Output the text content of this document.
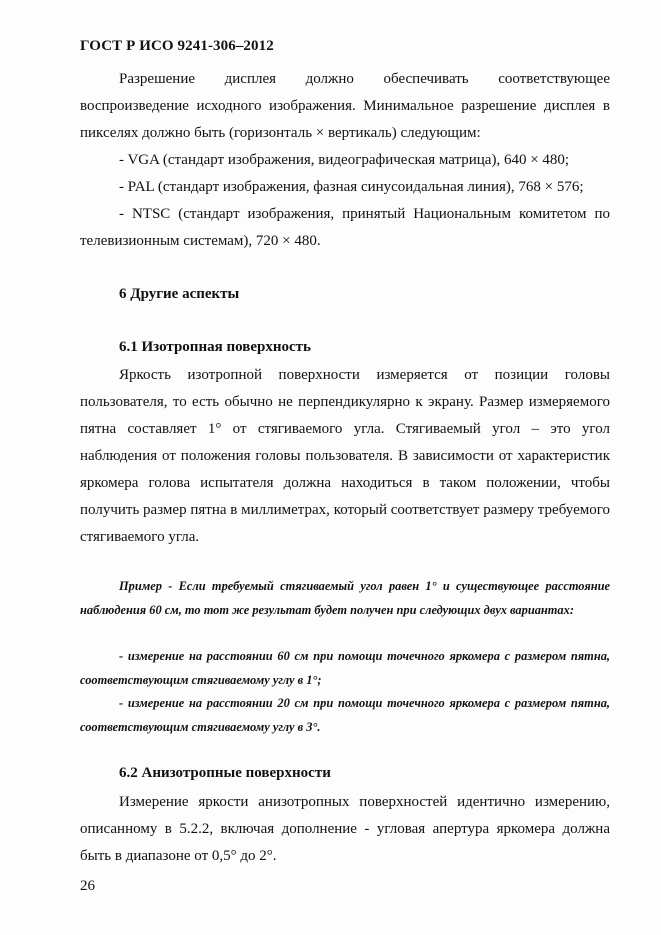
ГОСТ Р ИСО 9241-306–2012

Разрешение дисплея должно обеспечивать соответствующее воспроизведение исходного изображения. Минимальное разрешение дисплея в пикселях должно быть (горизонталь × вертикаль) следующим:

- VGA (стандарт изображения, видеографическая матрица), 640 × 480;

- PAL (стандарт изображения, фазная синусоидальная линия), 768 × 576;

- NTSC (стандарт изображения, принятый Национальным комитетом по телевизионным системам), 720 × 480.

6 Другие аспекты
6.1 Изотропная поверхность

Яркость изотропной поверхности измеряется от позиции головы пользователя, то есть обычно не перпендикулярно к экрану. Размер измеряемого пятна составляет 1° от стягиваемого угла. Стягиваемый угол – это угол наблюдения от положения головы пользователя. В зависимости от характеристик яркомера голова испытателя должна находиться в таком положении, чтобы получить размер пятна в миллиметрах, который соответствует размеру требуемого стягиваемого угла.

Пример - Если требуемый стягиваемый угол равен 1° и существующее расстояние наблюдения 60 см, то тот же результат будет получен при следующих двух вариантах:

- измерение на расстоянии 60 см при помощи точечного яркомера с размером пятна, соответствующим стягиваемому углу в 1°;

- измерение на расстоянии 20 см при помощи точечного яркомера с размером пятна, соответствующим стягиваемому углу в 3°.

6.2 Анизотропные поверхности

Измерение яркости анизотропных поверхностей идентично измерению, описанному в 5.2.2, включая дополнение - угловая апертура яркомера должна быть в диапазоне от 0,5° до 2°.

26
